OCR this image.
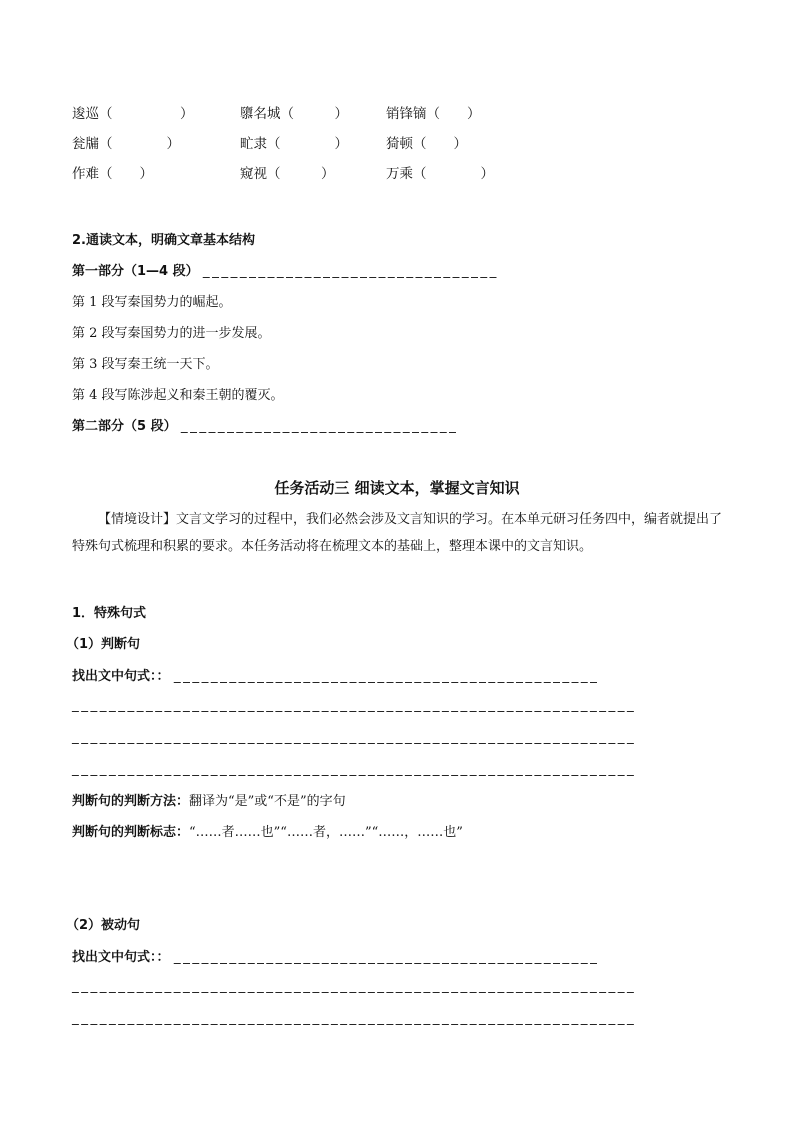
逡巡（　　　　　）	隳名城（　　　）	销锋镝（　　）
瓮牖（　　　　）	甿隶（　　　　）	猗顿（　　）
作难（　　）	窥视（　　　）	万乘（　　　　）
2.通读文本，明确文章基本结构
第一部分（1—4 段） ________________________________
第 1 段写秦国势力的崛起。
第 2 段写秦国势力的进一步发展。
第 3 段写秦王统一天下。
第 4 段写陈涉起义和秦王朝的覆灭。
第二部分（5 段） ______________________________
任务活动三 细读文本，掌握文言知识
【情境设计】文言文学习的过程中，我们必然会涉及文言知识的学习。在本单元研习任务四中，编者就提出了特殊句式梳理和积累的要求。本任务活动将在梳理文本的基础上，整理本课中的文言知识。
1．特殊句式
（1）判断句
找出文中句式：： ______________________________________________
_____________________________________________________________
_____________________________________________________________
_____________________________________________________________
判断句的判断方法：翻译为“是”或“不是”的字句
判断句的判断标志：“……者……也”“……者，……”“……，……也”
（2）被动句
找出文中句式：： ______________________________________________
_____________________________________________________________
_____________________________________________________________
